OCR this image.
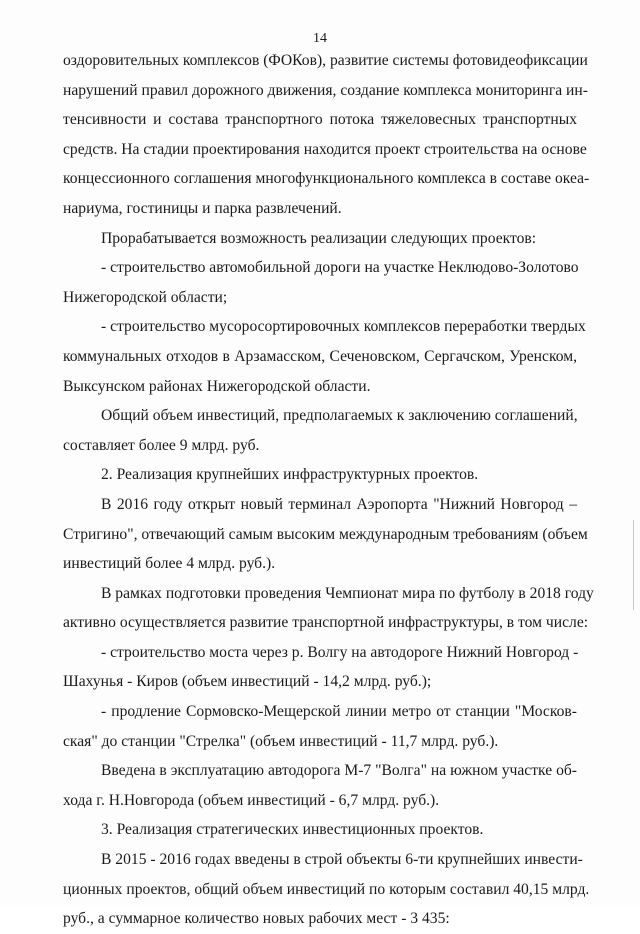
14
оздоровительных комплексов (ФОКов), развитие системы фотовидеофиксации
нарушений правил дорожного движения, создание комплекса мониторинга ин-
тенсивности и состава транспортного потока тяжеловесных транспортных
средств. На стадии проектирования находится проект строительства на основе
концессионного соглашения многофункционального комплекса в составе океа-
нариума, гостиницы и парка развлечений.
Прорабатывается возможность реализации следующих проектов:
- строительство автомобильной дороги на участке Неклюдово-Золотово
Нижегородской области;
- строительство мусоросортировочных комплексов переработки твердых
коммунальных отходов в Арзамасском, Сеченовском, Сергачском, Уренском,
Выксунском районах Нижегородской области.
Общий объем инвестиций, предполагаемых к заключению соглашений,
составляет более 9 млрд. руб.
2. Реализация крупнейших инфраструктурных проектов.
В 2016 году открыт новый терминал Аэропорта "Нижний Новгород –
Стригино", отвечающий самым высоким международным требованиям (объем
инвестиций более 4 млрд. руб.).
В рамках подготовки проведения Чемпионат мира по футболу в 2018 году
активно осуществляется развитие транспортной инфраструктуры, в том числе:
- строительство моста через р. Волгу на автодороге Нижний Новгород -
Шахунья - Киров (объем инвестиций - 14,2 млрд. руб.);
- продление Сормовско-Мещерской линии метро от станции "Москов-
ская" до станции "Стрелка" (объем инвестиций - 11,7 млрд. руб.).
Введена в эксплуатацию автодорога М-7 "Волга" на южном участке об-
хода г. Н.Новгорода (объем инвестиций - 6,7 млрд. руб.).
3. Реализация стратегических инвестиционных проектов.
В 2015 - 2016 годах введены в строй объекты 6-ти крупнейших инвести-
ционных проектов, общий объем инвестиций по которым составил 40,15 млрд.
руб., а суммарное количество новых рабочих мест - 3 435:
